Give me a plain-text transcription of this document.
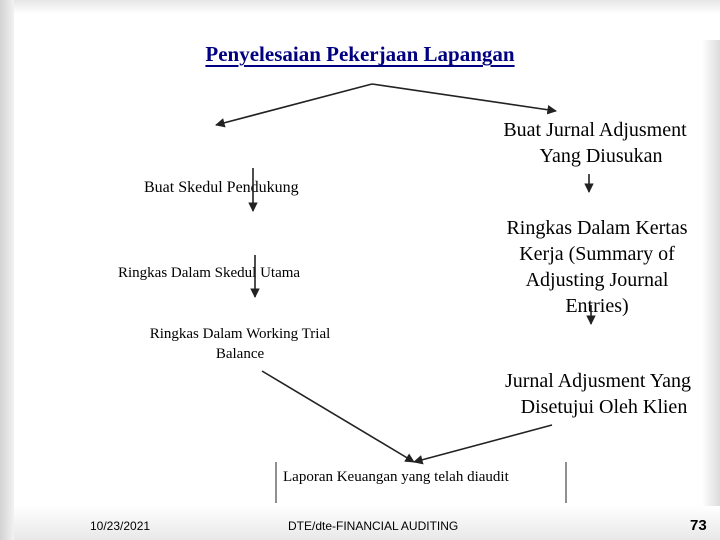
Penyelesaian Pekerjaan Lapangan
Buat Jurnal Adjusment
Yang Diusukan
Buat Skedul Pendukung
Ringkas Dalam Kertas
Kerja (Summary of
Adjusting Journal
Entries)
Ringkas Dalam Skedul Utama
Ringkas Dalam Working Trial
Balance
Jurnal Adjusment Yang
Disetujui Oleh Klien
Laporan Keuangan yang telah diaudit
10/23/2021	DTE/dte-FINANCIAL AUDITING	73
